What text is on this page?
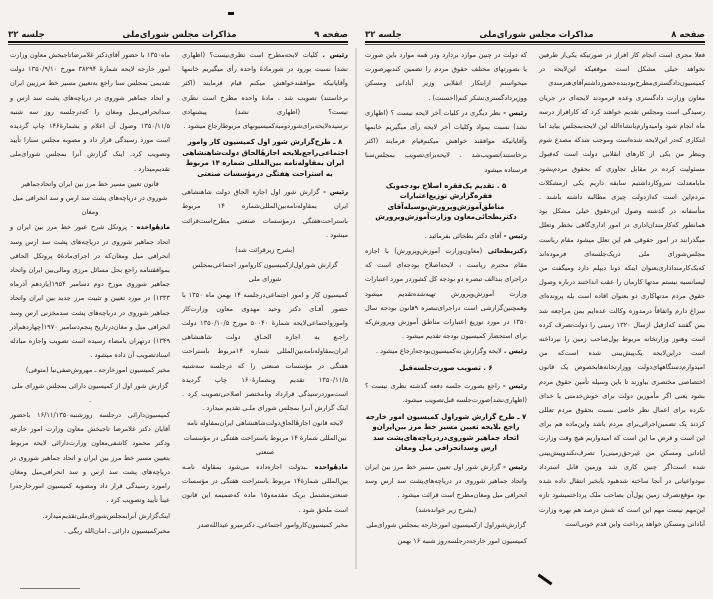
صفحه ۹
مذاکرات مجلس شورای‌ملی
جلسه ۳۲

رئیس . کلیات لایحه‌مطرح است نظری‌نیست؟ (اظهاری نشد) نسبت بورود در شورمادهٔ واحده رأی میگیریم خانمها وآقایانیکه موافقندخواهش میکنم قیام فرمایند (اکثر برخاستند) تصویب شد . مادهٔ واحده مطرح است نظری نیست؟ (اظهاری نشد) پیشنهادی نرسیده‌لایحه‌برای‌شوردومبه‌کمیسیونهای مربوطارجاع میشود .

۸ ـ طرح‌گزارش شور اول کمیسیون کار وامور اجتماعی‌راجع‌بلایحه اجازهٔالحاق دولت‌شاهنشاهی ایران بمقاوله‌نامه بین‌المللی شماره ۱۴ مربوط به استراحت هفتگی درمؤسسات صنعتی

رئیس - گزارش شور اول اجازه الحاق دولت شاهنشاهی ایران بمقاوله‌نامه‌بین‌المللی‌شماره ۱۴ مربوط باستراحت‌هفتگی درمؤسسات صنعتی مطرح‌است‌قرائت میشود .

(بشرح زیرقرائت شد)

گزارش شوراول‌ازکمیسیون کاروامور اجتماعی‌بمجلس شورای ملی

کمیسیون کار و امور اجتماعی‌درجلسه ۱۴ بهمن ماه ۱۳۵۰ با حضور آقـای دکتر وحید مهدوی معاون وزارت‌کار وامورواجتماعی‌لایحه شمارهٔ ۵۰۰۴۰ مورخ ۱۳۵۰/۱۰/۵ دولت راجـع به اجازه الحـاق دولت شاهنشاهی ایران‌بمقاوله‌نامه‌بین‌المللی شماره ۱۴مربوط باستراحت هفتگی در مؤسسات صنعتی را که درجلسه سه‌شنبه ۱۳۵۰/۱۱/۵ تقدیم وبشمارهٔ۱۶۰ چاپ گردیده است‌موردرسیدگی قرارداد وبامختصر اصلاحی‌تصویب کرد . اینک گزارش آنـرا بمجلس شورای ملـی تقدیم میدارد .

لایحه قانون اجازهٔالحاق‌دولت‌شاهنشاهی ایران‌بمقاوله نامه بین‌المللی شمارهٔ ۱۴ مربوط باستراحت هفتگی در مؤسسات صنعتی

مادهٔواحده ـبدولت اجازه‌داده می‌شود بمقاوله نامـه بین‌المللی شمارهٔ۱۴ مربوط باستراحت هفتگی در مؤسسات صنعتی‌مشتمل بریک مقدمه‌و۱۵ ماده که‌ضمیمه این قانون است ملحق شود .

مخبر کمیسیون‌کاروامور اجتماعی‌ـ دکترمیرو عبدالله‌صدر

ماه۱۳۵۰ با حضور آقای‌دکتر غلامرضاتاجبخش معاون وزارت امور خارجه لایحه شمارهٔ ۳۸۲۹۴ مورخ ۱۳۵۰/۹/۱۰ دولت تقدیمی بمجلس سنا راجع به‌تعیین مسیر خط مرزبین ایران و اتحاد جماهیر شوروی در دریاچه‌های پشت سد ارس و سدانحرافی‌میل ومغان را که‌درجلسه روز سه شنبه ۱۳۵۰/۱۱/۵ وصول آن اعلام و بشمارهٔ۱۴۶ چاپ گردیده است مورد رسیدگی قرار داد و مصوبه مجلس سنارا تأیید وتصویب کرد. اینک گزارش آنرا بمجلس شورای‌ملی تقدیم‌میدارد .

قانون تعیین مسیر خط مرز بین ایران واتحادجماهیر شوروی در دریاچه‌های پشت سد ارس و سد انحرافی میل ومغان

مادهٔواحده - پروتکل شرح عبور خط مرز بین ایران و اتحاد جماهیر شوروی در دریاچه‌های پشت سد ارس وسد انحرافی میل ومغان‌که در اجرای‌مادهٔ۵ پروتکل الحاقی بموافقتنامه راجع بحل مسائل مرزی ومالی‌بین ایران واتحاد جماهیر شوروی مورخ دوم دسامبر ۱۹۵۴(یازدهم آذرماه ۱۳۳۳) در مورد تعیین و تثبیت مرز جدید بین ایران واتحاد جماهیر شوروی در دریاچه‌های پشت سدمخزنی ارس وسد انحرافی میل و مغان‌درتاریخ پنجم‌دسامبر ۱۹۷۰(چهاردهم‌آذر ۱۳۴۹) درتهران بامضاء رسیده است تصویب واجازه مبادله اسنادتصویب آن داده میشود .

مخبر کمیسیون امورخارجه ـ مهروش‌صفی‌نیا (متوفی)

گزارش شور اول از کمیسیون دارائی بمجلس شورای ملی .

کمیسیون‌دارائی درجلسه روزشنبه۱۶/۱۱/۱۳۵۰ باحضور آقایان دکتر غلامرضا تاجبخش معاون وزارت امور خارجه ودکتر محمود کاشفی‌معاون وزارت‌دارائی لایحه مربوط بتعیین مسیر خط مرز بین ایران و اتحاد جماهیر شوروی در دریاچه‌های پشت سد ارس و سد انحرافی‌میل ومغان رامورد رسیدگی قرار داد ومصوبه کمیسیون امورخارجه‌را عیناً تأیید وتصویب کرد .

اینک‌گزارش آنرابمجلس‌شورای‌ملی‌تقدیم‌میدارد.

مخبرکمیسیون دارائی ـ امان‌الله ریگی .

صفحه ۸
مذاکرات مجلس شورای‌ملی
جلسه ۳۲

فعلا مجری است انجام کار افراز در صورتیکه یکی‌از طرفین نخواهد خیلی مشکل است موقعیکه این‌لایحه در کمیسیون‌دادگستری‌مطرح‌بودبنده‌حضورداشتم‌آقای‌هنرمندی معاون وزارت دادگستری وعده فرمودند لایحه‌ای در جریان رسیدگی است ومجلس تقدیم خواهند کرد که کارافراز درسه ماه انجام شود وامیدوارم‌بانشاءالله این لایحه‌بمجلس بیاید اما ابتکاری که‌در این‌لایحه شده‌است وموجب شدکه مصدع شوم وبنظر من یکی از کارهای انقلابی دولت است که‌قبول مسئولیت کرده در مقابل تجاوزی که بحقوق مردم‌بشود مابامعدلت سروکارداشتیم سابقه داریم یکی ازمشکلات مردم‌این است که‌ازدولت چیزی مطالبه داشته باشند . متأسفانه در گذشته وصول این‌حقوق خیلی مشکل بود همانطور که‌کارمندان‌اداری در امور اداری‌گاهی بخطر وتعلل میگذرانند در امور حقوقی هم این تعلل میشود مقام ریاست مجلس‌شورای ملی دریک‌جلسه‌ای فرموده‌اند که‌یک‌کارمنداداری‌بعنوان اینکه دونا دیپلم دارد ومیگفت من لیسانسیه نیستم مدتها کارمان را عقب انداختند درباره وصول حقوق مردم مدتهاکاری دو بعنوان اقاده است بله پرونده‌ای سراغ دارم واتفاقاً درمدوره وکالت عده‌ایم بمن مراجعه شد بمن گفتند که‌ازقبل ازسال ۱۳۲۰ زمینی را دولت‌تصرف کرده است وهنوز وزارتخانه مربوط پول‌صاحب زمین را نپرداخته است دراین‌لایحه یک‌پیش‌بینی شده است‌که من امیدوارم‌دستگاههای‌دولت ووزارتخانه‌هابخصوص یک قانون اختصاصی مختصری بیاورند تا باین وسیله تأمین حقوق مردم بشود یعنی اگر مأمورین دولت برای خوش‌خدمتی یا خدای نکرده برای اعمال نظر خاصی نسبت بحقوق مردم تعللی کردند یک تضمین‌اجرائی‌برای مردم باشد واین‌ماده هم برای این است و فرض ما این است که امیدواریم هیچ وقت وزارت آبادانی ومسکن من غیرحق‌زمینی‌را تصرف‌نکندو‌پیش‌بینی شده است‌اگر چنین کاری شد وزمین قابل استرداد نبودواعیانی در آنجا ساخته شدهبود یابخبر انتقال داده شده بود موقع‌تصرف زمین پول‌آن بصاحب ملک پرداختمیشود تازه این‌مهم نیست مهم این است که شش درصد هم بهره وزارت آبادانی ومسکن خواهد پرداخت واین قدم خوبی‌است

که دولت در چنین موارد بردارد ودر همه موارد باین صورت یا بصورتهای مختلف حقوق مردم را تضمین کندبهرصورت میخواستم ازابتکار انقلابی وزیر آبادانی ومسکن ووزیردادگستری‌تشکر کنم(احسنت) .

رئیس - نظر دیگری در کلیات آخر لایحه نیست ؟ (اظهاری نشد) نسبت بمواد وکلیات آخر لایحه رأی میگیریم خانمها وآقایانیکه موافقند خواهش میکنم‌قیام فرمایند (اکثر برخاستند)تصویب‌شد . لایحه‌برای‌تصویب بمجلس‌سنا فرستاده میشود

۵ . تقدیم یک‌فقره اصلاح بودجه‌ویک فقره‌گزارش توزیع‌اعتبارات مناطق‌آموزش‌وپرورش‌بوسیله‌آقای دکتربطحائی‌معاون وزارت‌آموزش‌وپرورش

رئیس - آقای دکتر بطحائی بفرمائید .

دکتربطحائی (معاون‌وزارت آموزش‌وپرورش) با اجازه مقام محترم ریاست ، لایحه‌اصلاح بودجه‌ای است که دراجرای بندالف تبصره دو بودجه کل کشوردر مورد اعتبارات وزارت آموزش‌وپرورش تهیه‌شده‌تقدیم میشود وهمچنین‌گزارشی است دراجرای‌تبصره ۹قانون بودجه سال ۱۳۵۰ در مورد توزیع اعتبارات مناطق آموزش وپرورش‌که برای استحضار کمیسیون بودجه تقدیم میشود .

رئیس . لایحه وگزارش به‌کمیسیون‌بودجه‌ارجاع میشود .

۶ . تصویب صورت‌جلسه‌قبل

رئیس - راجع بصورت جلسه دفعه گذشته نظری نیست ؟ (اظهاری‌نشد)صورت‌جلسه قبل‌تصویب میشود.

۷ ـ طرح گزارش شوراول کمیسیون امور خارجه راجع بلایحه تعیین مسیر خط مرز بین‌ایران‌و اتحاد جماهیر شوروی‌دردریاچه‌های‌پشت سد ارس وسدانحرافی میل ومغان

رئیس - گزارش شور اول تعیین مسیر خط مرز بین ایران واتحاد جماهیر شوروی در دریاچه‌های‌پشت سد ارس وسد انحرافی میل ومغان‌مطرح است قرائت میشود .

(بشرح زیر خوانده‌شد)

گزارش‌شوراول ازکمیسیون امورخارجه بمجلس شورای‌ملی

کمیسیون امور خارجه‌درجلسه‌روز شنبه ۱۶ بهمن
